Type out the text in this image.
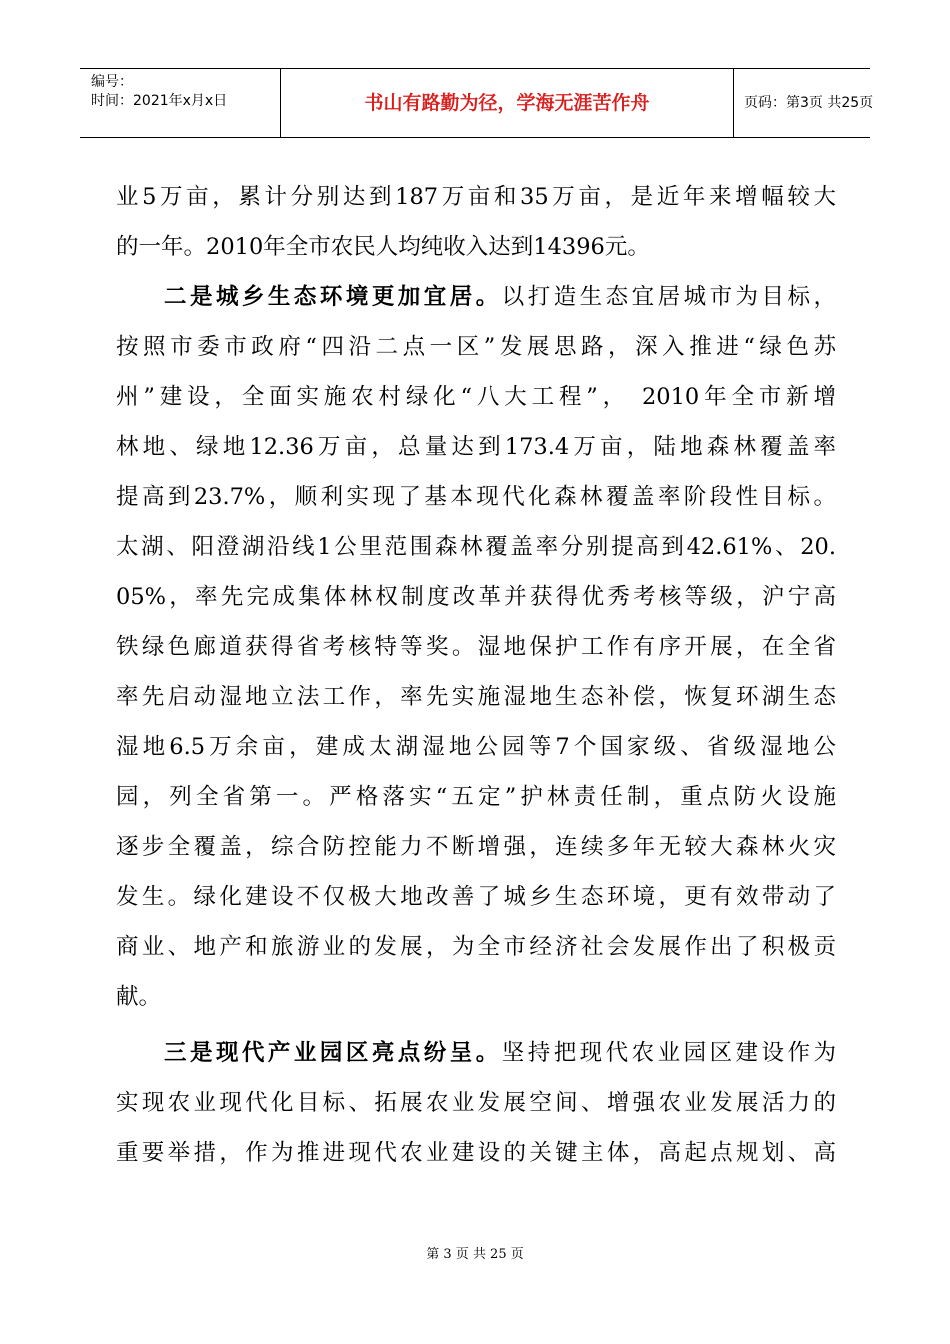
编号：
时间：2021年x月x日	书山有路勤为径，学海无涯苦作舟	页码：第3页 共25页
业5万亩，累计分别达到187万亩和35万亩，是近年来增幅较大
的一年。2010年全市农民人均纯收入达到14396元。
二是城乡生态环境更加宜居。以打造生态宜居城市为目标，
按照市委市政府“四沿二点一区”发展思路，深入推进“绿色苏
州”建设，全面实施农村绿化“八大工程”， 2010年全市新增
林地、绿地12.36万亩，总量达到173.4万亩，陆地森林覆盖率
提高到23.7%，顺利实现了基本现代化森林覆盖率阶段性目标。
太湖、阳澄湖沿线1公里范围森林覆盖率分别提高到42.61%、20.
05%，率先完成集体林权制度改革并获得优秀考核等级，沪宁高
铁绿色廊道获得省考核特等奖。湿地保护工作有序开展，在全省
率先启动湿地立法工作，率先实施湿地生态补偿，恢复环湖生态
湿地6.5万余亩，建成太湖湿地公园等7个国家级、省级湿地公
园，列全省第一。严格落实“五定”护林责任制，重点防火设施
逐步全覆盖，综合防控能力不断增强，连续多年无较大森林火灾
发生。绿化建设不仅极大地改善了城乡生态环境，更有效带动了
商业、地产和旅游业的发展，为全市经济社会发展作出了积极贡
献。
三是现代产业园区亮点纷呈。坚持把现代农业园区建设作为
实现农业现代化目标、拓展农业发展空间、增强农业发展活力的
重要举措，作为推进现代农业建设的关键主体，高起点规划、高
第 3 页 共 25 页
